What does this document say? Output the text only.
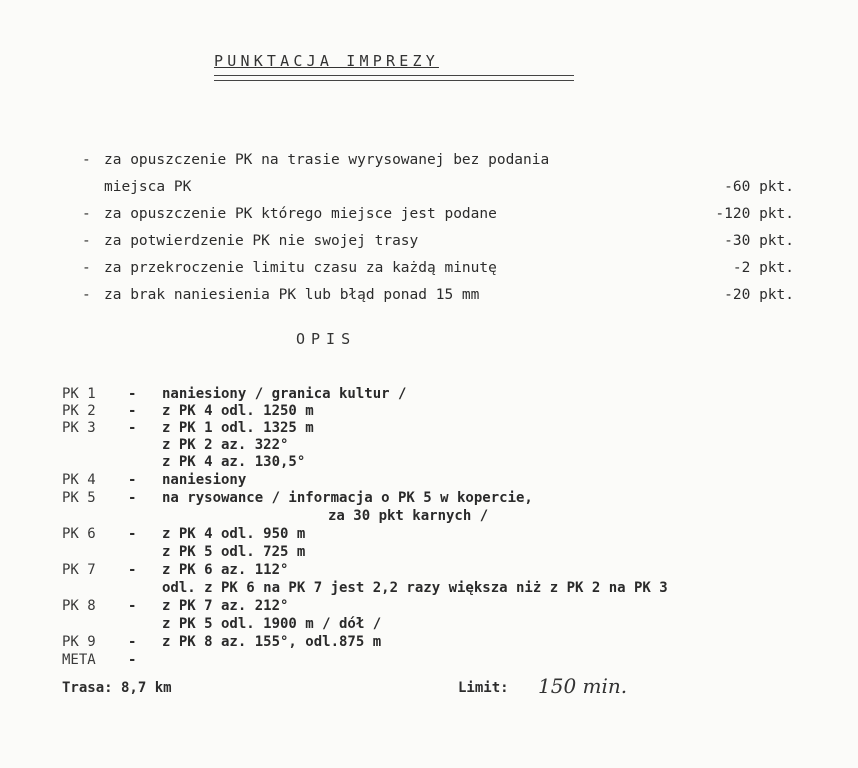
PUNKTACJA IMPREZY
- za opuszczenie PK na trasie wyrysowanej bez podania
miejsca PK	-60 pkt.
- za opuszczenie PK którego miejsce jest podane	-120 pkt.
- za potwierdzenie PK nie swojej trasy	-30 pkt.
- za przekroczenie limitu czasu za każdą minutę	-2 pkt.
- za brak naniesienia PK lub błąd ponad 15 mm	-20 pkt.
OPIS
PK 1 - naniesiony / granica kultur /
PK 2 - z PK 4 odl. 1250 m
PK 3 - z PK 1 odl. 1325 m
z PK 2 az. 322°
z PK 4 az. 130,5°
PK 4 - naniesiony
PK 5 - na rysowance / informacja o PK 5 w kopercie,
za 30 pkt karnych /
PK 6 - z PK 4 odl. 950 m
z PK 5 odl. 725 m
PK 7 - z PK 6 az. 112°
odl. z PK 6 na PK 7 jest 2,2 razy większa niż z PK 2 na PK 3
PK 8 - z PK 7 az. 212°
z PK 5 odl. 1900 m / dół /
PK 9 - z PK 8 az. 155°, odl.875 m
META -
Trasa: 8,7 km	Limit: 150 min.
